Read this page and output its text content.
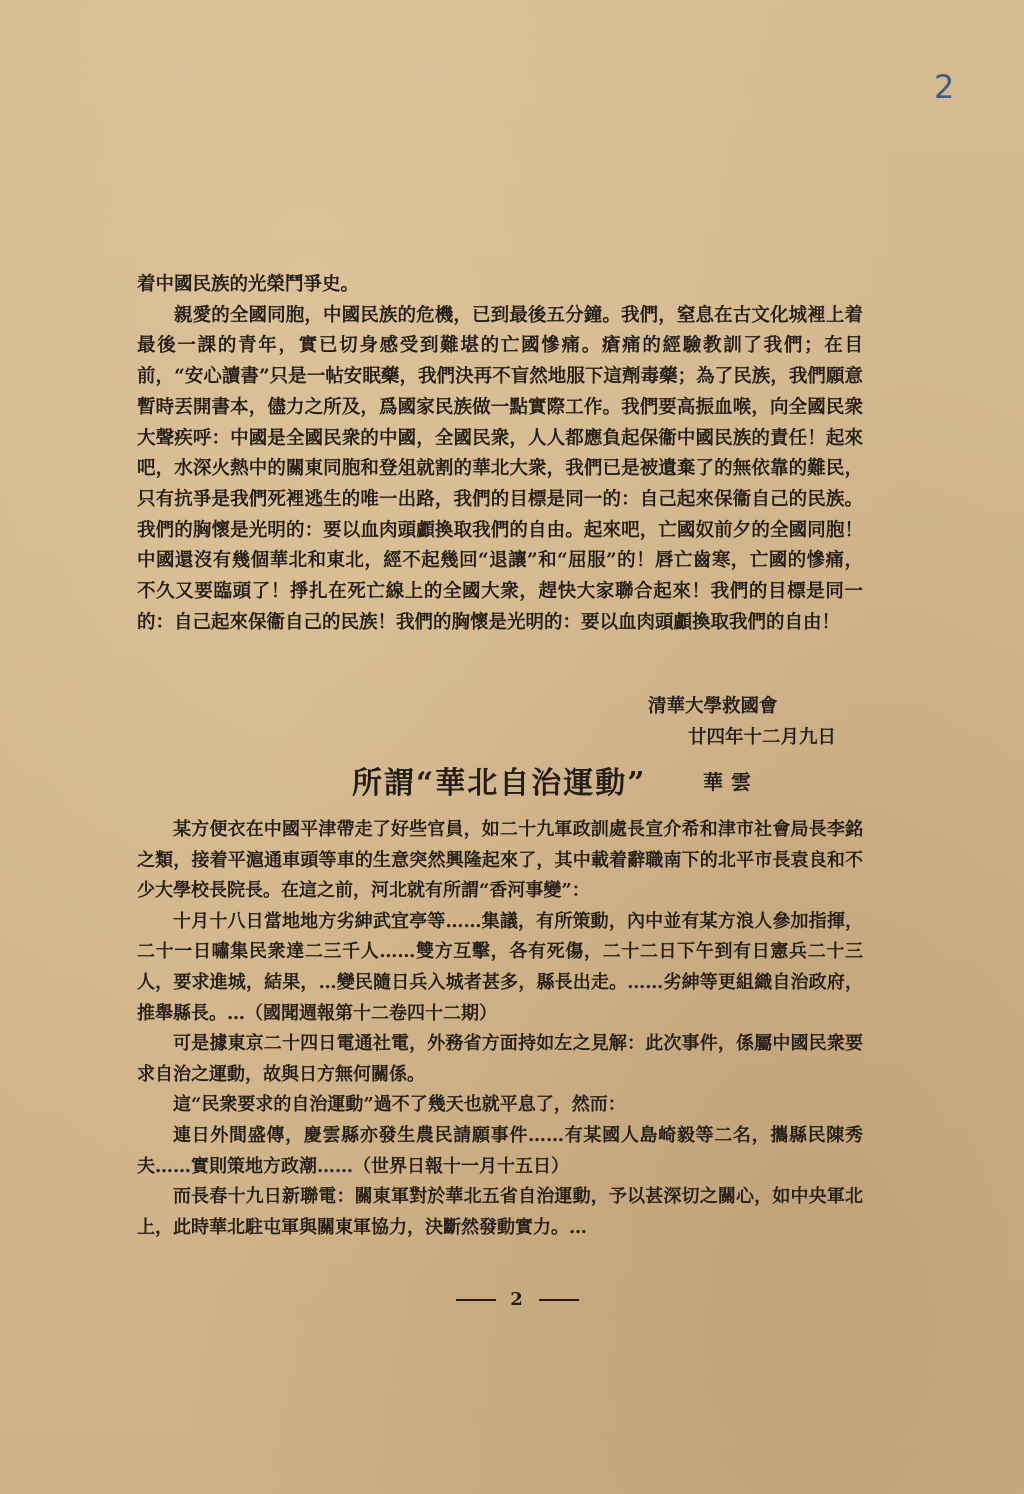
2

着中國民族的光榮鬥爭史。

親愛的全國同胞，中國民族的危機，已到最後五分鐘。我們，窒息在古文化城裡上着最後一課的青年，實已切身感受到難堪的亡國慘痛。瘡痛的經驗教訓了我們；在目前，“安心讀書”只是一帖安眠藥，我們決再不盲然地服下這劑毒藥；為了民族，我們願意暫時丟開書本，儘力之所及，爲國家民族做一點實際工作。我們要高振血喉，向全國民衆大聲疾呼：中國是全國民衆的中國，全國民衆，人人都應負起保衞中國民族的責任！起來吧，水深火熱中的關東同胞和登俎就割的華北大衆，我們已是被遺棄了的無依靠的難民，只有抗爭是我們死裡逃生的唯一出路，我們的目標是同一的：自己起來保衞自己的民族。我們的胸懷是光明的：要以血肉頭顱換取我們的自由。起來吧，亡國奴前夕的全國同胞！中國還沒有幾個華北和東北，經不起幾回“退讓”和“屈服”的！唇亡齒寒，亡國的慘痛，不久又要臨頭了！掙扎在死亡線上的全國大衆，趕快大家聯合起來！我們的目標是同一的：自己起來保衞自己的民族！我們的胸懷是光明的：要以血肉頭顱換取我們的自由！

清華大學救國會
廿四年十二月九日
所謂“華北自治運動”	華雲

某方便衣在中國平津帶走了好些官員，如二十九軍政訓處長宣介希和津市社會局長李銘之類，接着平滬通車頭等車的生意突然興隆起來了，其中載着辭職南下的北平市長袁良和不少大學校長院長。在這之前，河北就有所謂“香河事變”：

十月十八日當地地方劣紳武宜亭等……集議，有所策動，內中並有某方浪人參加指揮，二十一日嘯集民衆達二三千人……雙方互擊，各有死傷，二十二日下午到有日憲兵二十三人，要求進城，結果，…變民隨日兵入城者甚多，縣長出走。……劣紳等更組織自治政府，推舉縣長。…（國聞週報第十二卷四十二期）

可是據東京二十四日電通社電，外務省方面持如左之見解：此次事件，係屬中國民衆要求自治之運動，故與日方無何關係。

這“民衆要求的自治運動”過不了幾天也就平息了，然而：

連日外間盛傳，慶雲縣亦發生農民請願事件……有某國人島崎毅等二名，攜縣民陳秀夫……實則策地方政潮……（世界日報十一月十五日）

而長春十九日新聯電：關東軍對於華北五省自治運動，予以甚深切之關心，如中央軍北上，此時華北駐屯軍與關東軍協力，決斷然發動實力。…

2
